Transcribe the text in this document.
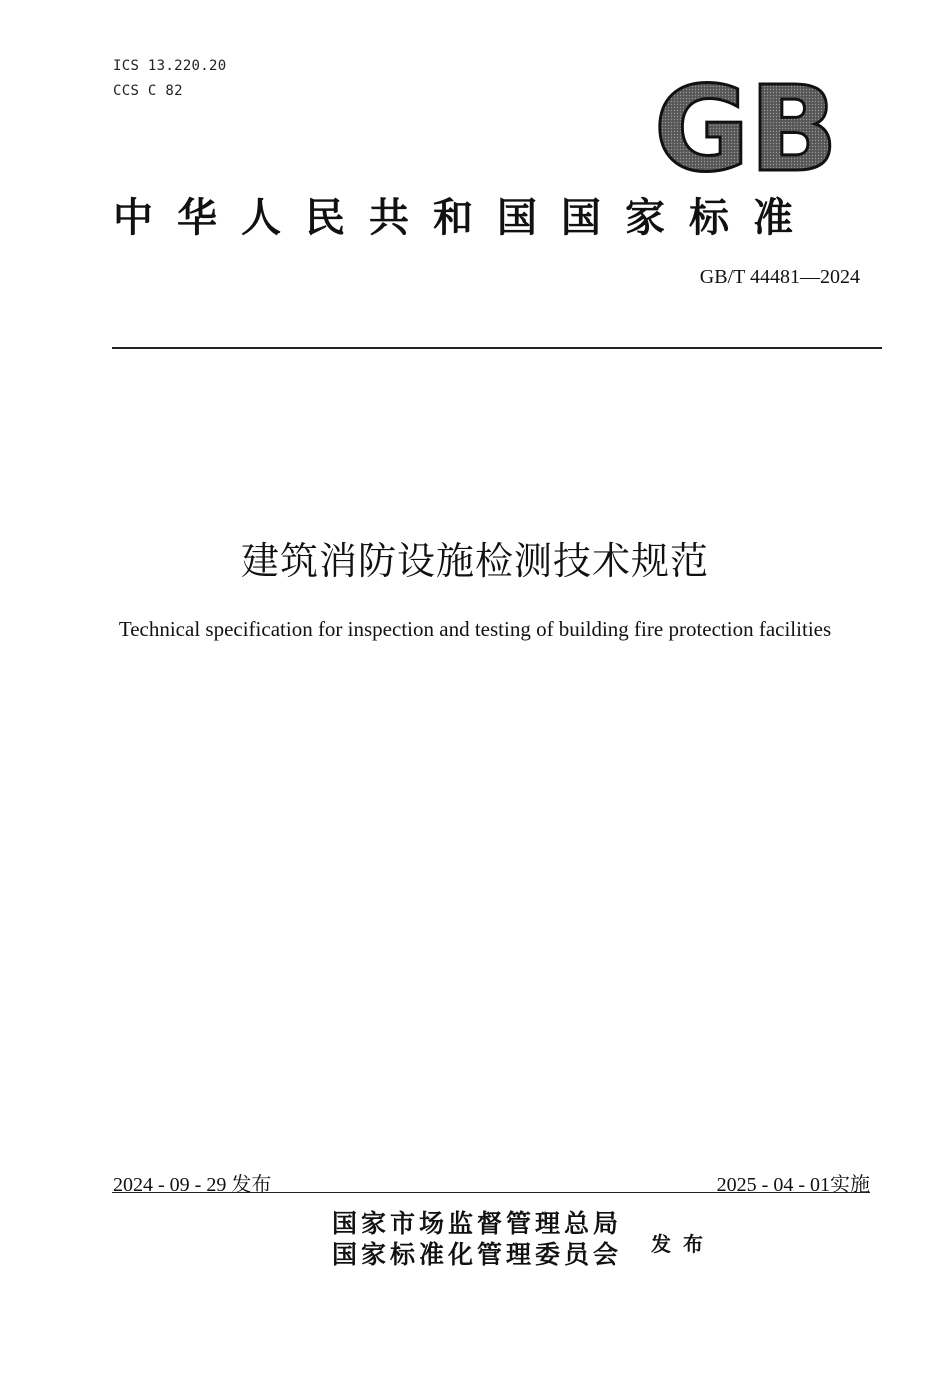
ICS 13.220.20
CCS C 82	GB
中华人民共和国国家标准
GB/T 44481—2024
建筑消防设施检测技术规范
Technical specification for inspection and testing of building fire protection facilities
2024 - 09 - 29 发布	2025 - 04 - 01实施
国家市场监督管理总局
国家标准化管理委员会 发布
